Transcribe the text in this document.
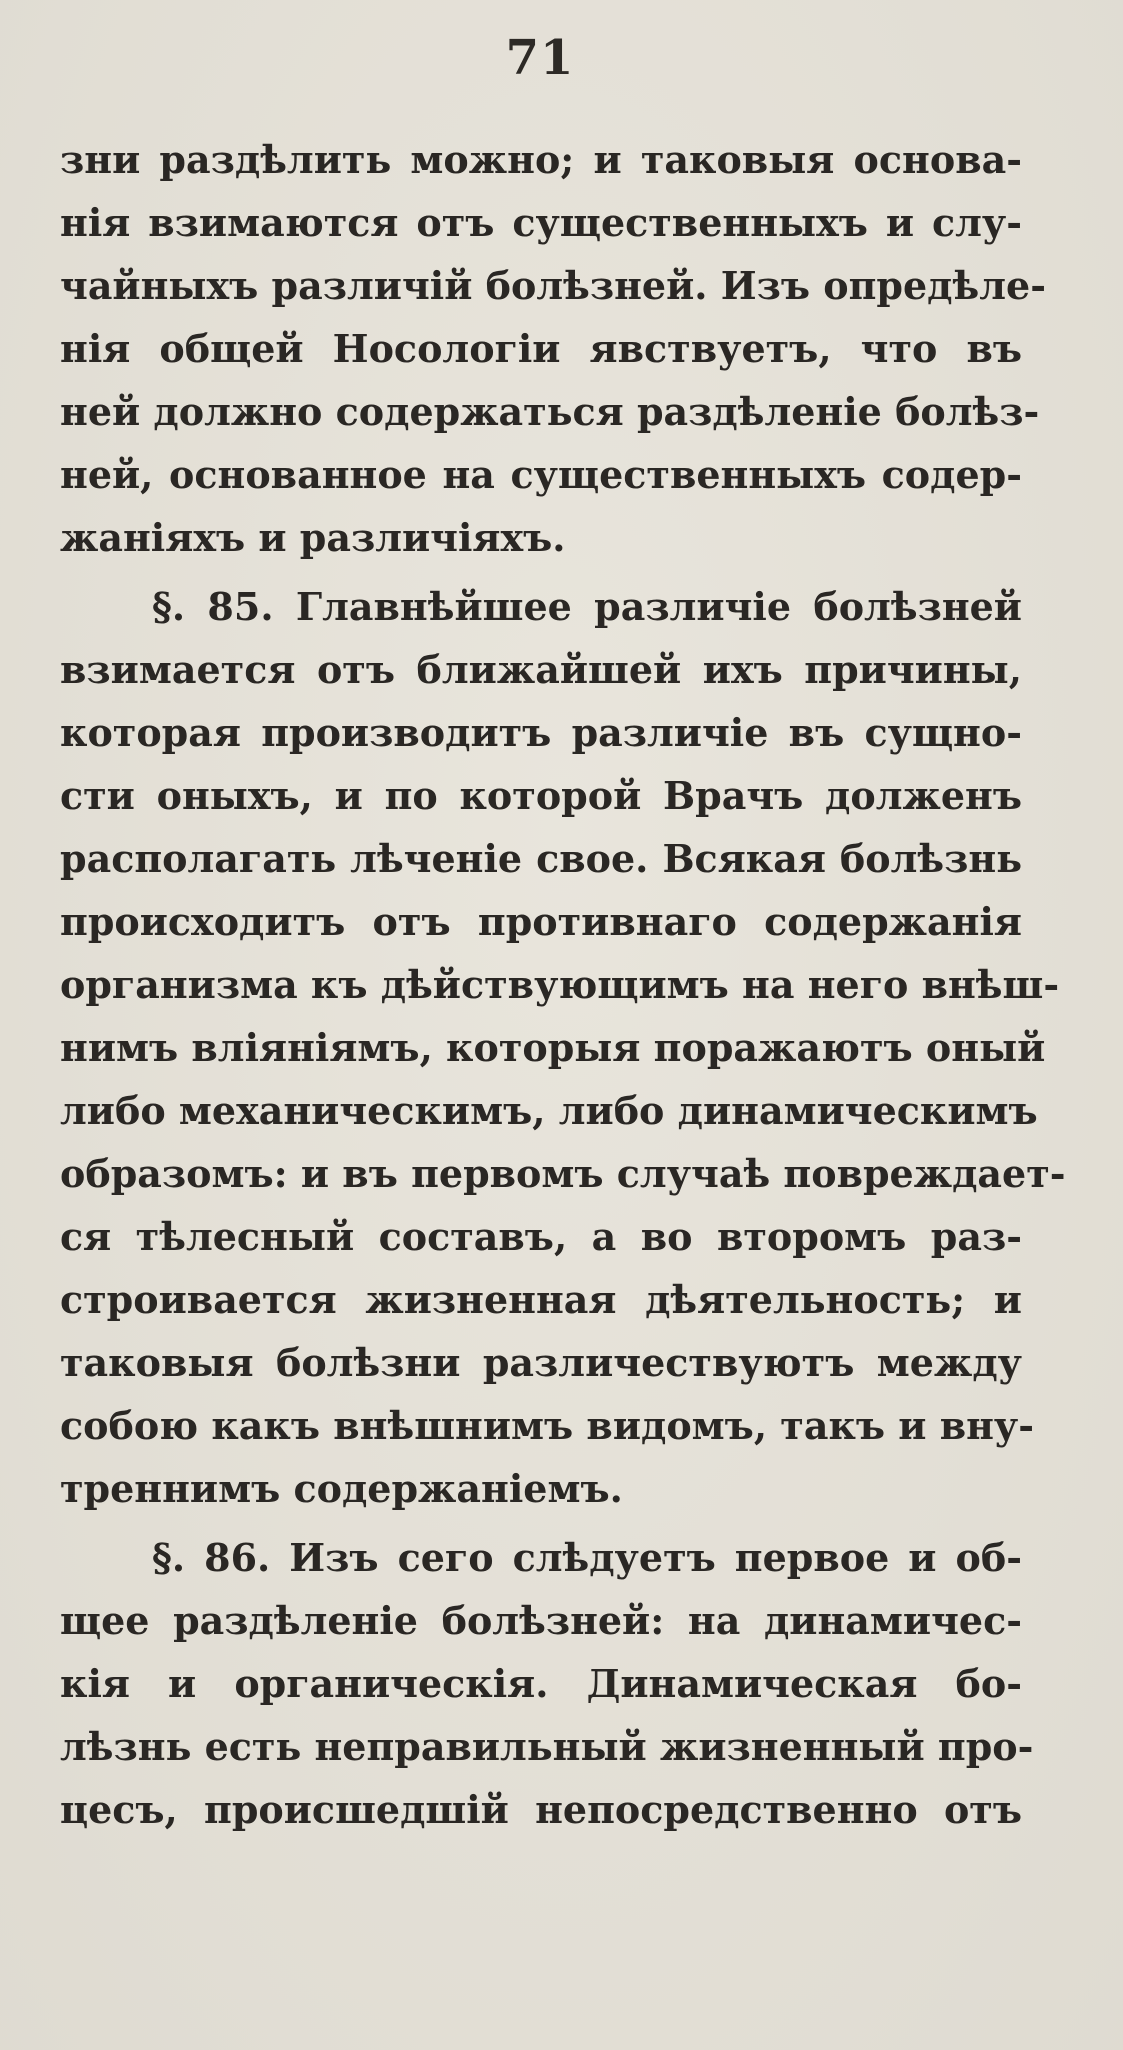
71
зни раздѣлить можно; и таковыя основа-
нія взимаются отъ существенныхъ и слу-
чайныхъ различій болѣзней. Изъ опредѣле-
нія общей Носологіи явствуетъ, что въ
ней должно содержаться раздѣленіе болѣз-
ней, основанное на существенныхъ содер-
жаніяхъ и различіяхъ.
§. 85. Главнѣйшее различіе болѣзней
взимается отъ ближайшей ихъ причины,
которая производитъ различіе въ сущно-
сти оныхъ, и по которой Врачъ долженъ
располагать лѣченіе свое. Всякая болѣзнь
происходитъ отъ противнаго содержанія
организма къ дѣйствующимъ на него внѣш-
нимъ вліяніямъ, которыя поражаютъ оный
либо механическимъ, либо динамическимъ
образомъ: и въ первомъ случаѣ повреждает-
ся тѣлесный составъ, а во второмъ раз-
строивается жизненная дѣятельность; и
таковыя болѣзни различествуютъ между
собою какъ внѣшнимъ видомъ, такъ и вну-
треннимъ содержаніемъ.
§. 86. Изъ сего слѣдуетъ первое и об-
щее раздѣленіе болѣзней: на динамичес-
кія и органическія. Динамическая бо-
лѣзнь есть неправильный жизненный про-
цесъ, происшедшій непосредственно отъ
